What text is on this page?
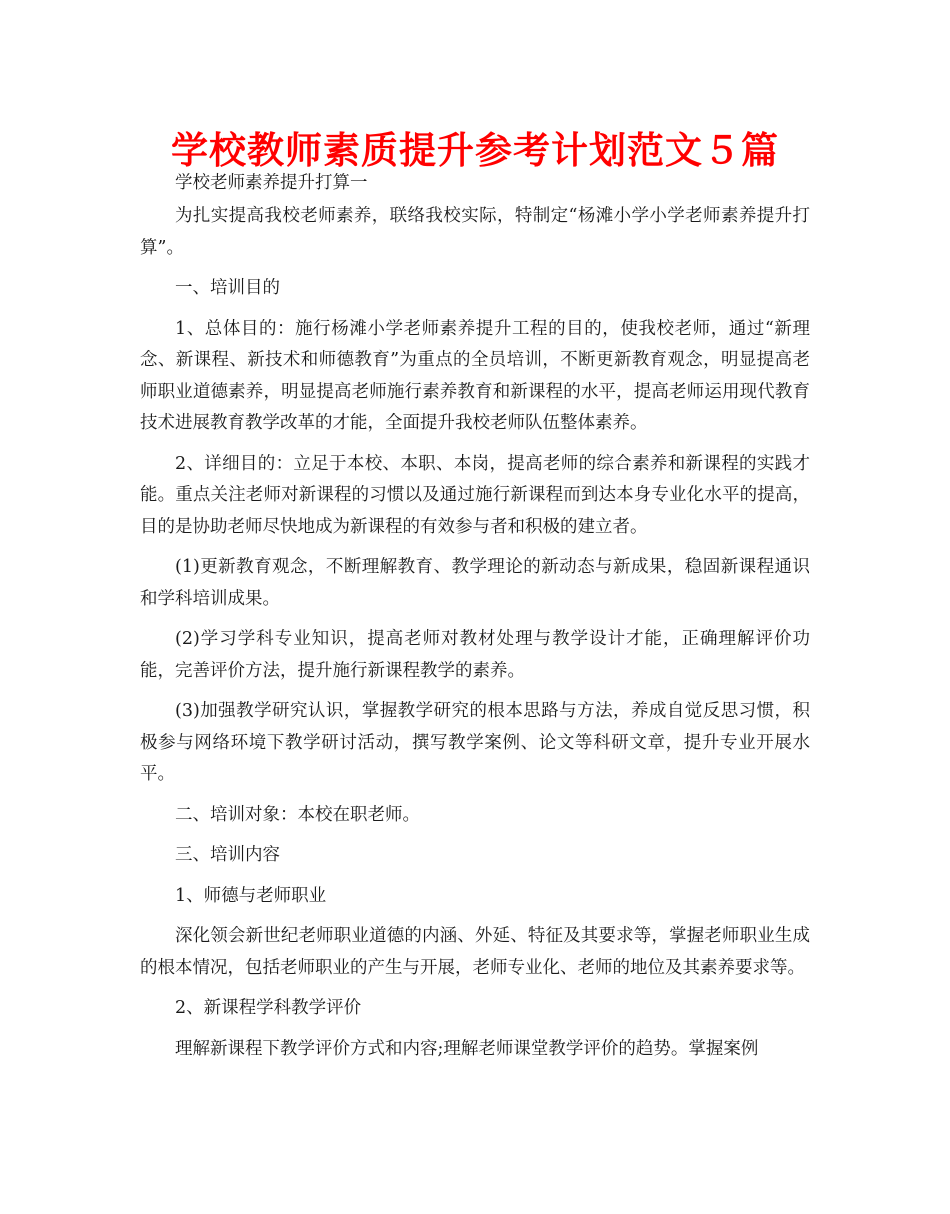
学校教师素质提升参考计划范文５篇

学校老师素养提升打算一

为扎实提高我校老师素养，联络我校实际，特制定“杨滩小学小学老师素养提升打算”。

一、培训目的

1、总体目的：施行杨滩小学老师素养提升工程的目的，使我校老师，通过“新理念、新课程、新技术和师德教育”为重点的全员培训，不断更新教育观念，明显提高老师职业道德素养，明显提高老师施行素养教育和新课程的水平，提高老师运用现代教育技术进展教育教学改革的才能，全面提升我校老师队伍整体素养。

2、详细目的：立足于本校、本职、本岗，提高老师的综合素养和新课程的实践才能。重点关注老师对新课程的习惯以及通过施行新课程而到达本身专业化水平的提高，目的是协助老师尽快地成为新课程的有效参与者和积极的建立者。

(1)更新教育观念，不断理解教育、教学理论的新动态与新成果，稳固新课程通识和学科培训成果。

(2)学习学科专业知识，提高老师对教材处理与教学设计才能，正确理解评价功能，完善评价方法，提升施行新课程教学的素养。

(3)加强教学研究认识，掌握教学研究的根本思路与方法，养成自觉反思习惯，积极参与网络环境下教学研讨活动，撰写教学案例、论文等科研文章，提升专业开展水平。

二、培训对象：本校在职老师。

三、培训内容

1、师德与老师职业

深化领会新世纪老师职业道德的内涵、外延、特征及其要求等，掌握老师职业生成的根本情况，包括老师职业的产生与开展，老师专业化、老师的地位及其素养要求等。

2、新课程学科教学评价

理解新课程下教学评价方式和内容;理解老师课堂教学评价的趋势。掌握案例
